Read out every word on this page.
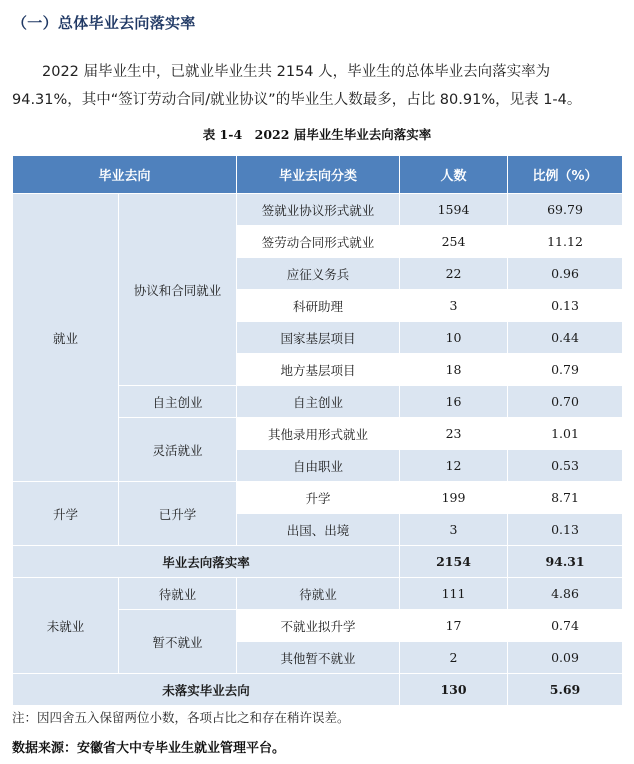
（一）总体毕业去向落实率
2022 届毕业生中，已就业毕业生共 2154 人，毕业生的总体毕业去向落实率为 94.31%，其中“签订劳动合同/就业协议”的毕业生人数最多，占比 80.91%，见表 1-4。
表 1-4　2022 届毕业生毕业去向落实率
毕业去向		毕业去向分类	人数	比例（%）
就业	协议和合同就业	签就业协议形式就业	1594	69.79
		签劳动合同形式就业	254	11.12
		应征义务兵	22	0.96
		科研助理	3	0.13
		国家基层项目	10	0.44
		地方基层项目	18	0.79
	自主创业	自主创业	16	0.70
	灵活就业	其他录用形式就业	23	1.01
		自由职业	12	0.53
升学	已升学	升学	199	8.71
		出国、出境	3	0.13
毕业去向落实率			2154	94.31
未就业	待就业	待就业	111	4.86
	暂不就业	不就业拟升学	17	0.74
		其他暂不就业	2	0.09
未落实毕业去向			130	5.69
注：因四舍五入保留两位小数，各项占比之和存在稍许误差。
数据来源：安徽省大中专毕业生就业管理平台。
